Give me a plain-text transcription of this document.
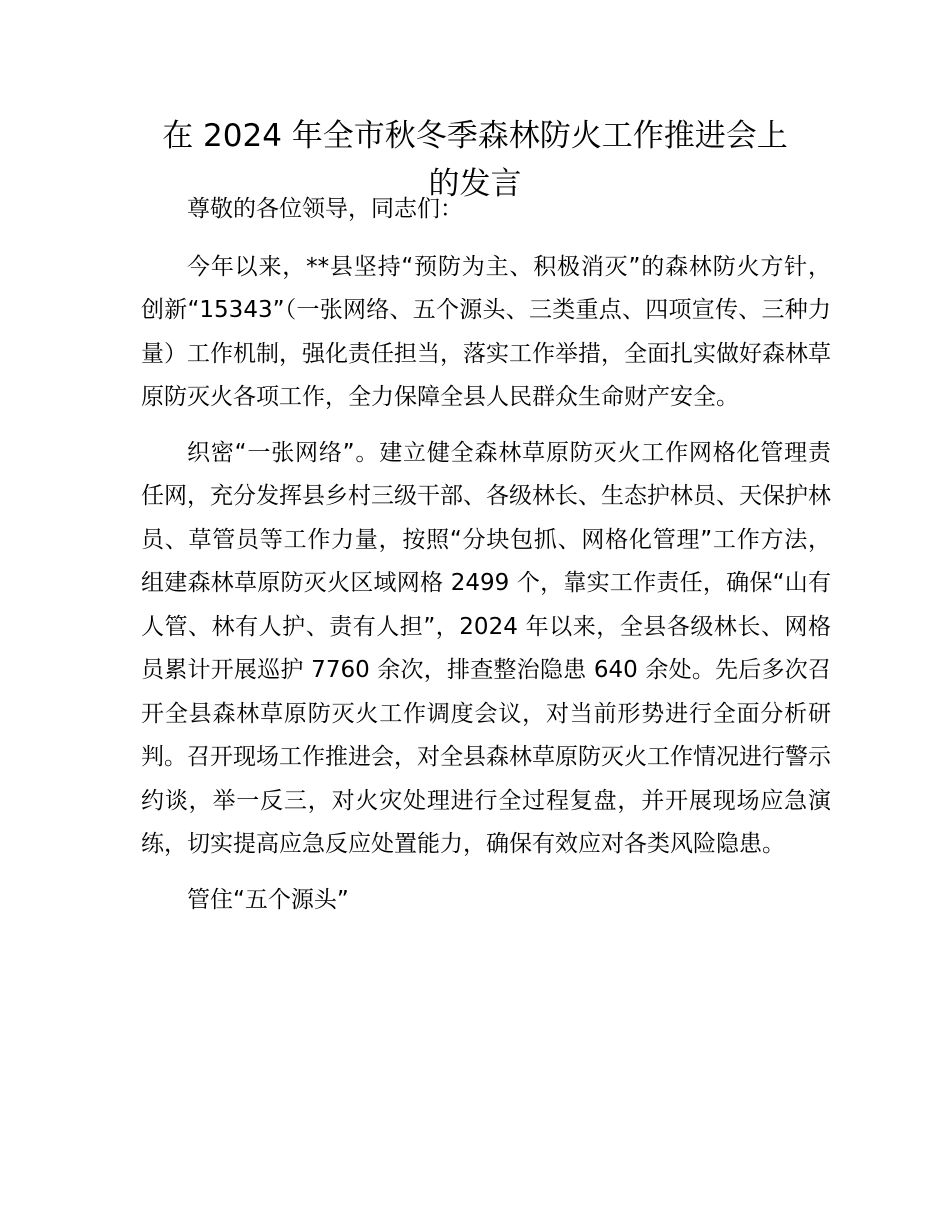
在 2024 年全市秋冬季森林防火工作推进会上
的发言

尊敬的各位领导，同志们：

今年以来，**县坚持“预防为主、积极消灭”的森林防火方针，创新“15343”（一张网络、五个源头、三类重点、四项宣传、三种力量）工作机制，强化责任担当，落实工作举措，全面扎实做好森林草原防灭火各项工作，全力保障全县人民群众生命财产安全。

织密“一张网络”。建立健全森林草原防灭火工作网格化管理责任网，充分发挥县乡村三级干部、各级林长、生态护林员、天保护林员、草管员等工作力量，按照“分块包抓、网格化管理”工作方法，组建森林草原防灭火区域网格 2499 个，靠实工作责任，确保“山有人管、林有人护、责有人担”，2024 年以来，全县各级林长、网格员累计开展巡护 7760 余次，排查整治隐患 640 余处。先后多次召开全县森林草原防灭火工作调度会议，对当前形势进行全面分析研判。召开现场工作推进会，对全县森林草原防灭火工作情况进行警示约谈，举一反三，对火灾处理进行全过程复盘，并开展现场应急演练，切实提高应急反应处置能力，确保有效应对各类风险隐患。

管住“五个源头”
